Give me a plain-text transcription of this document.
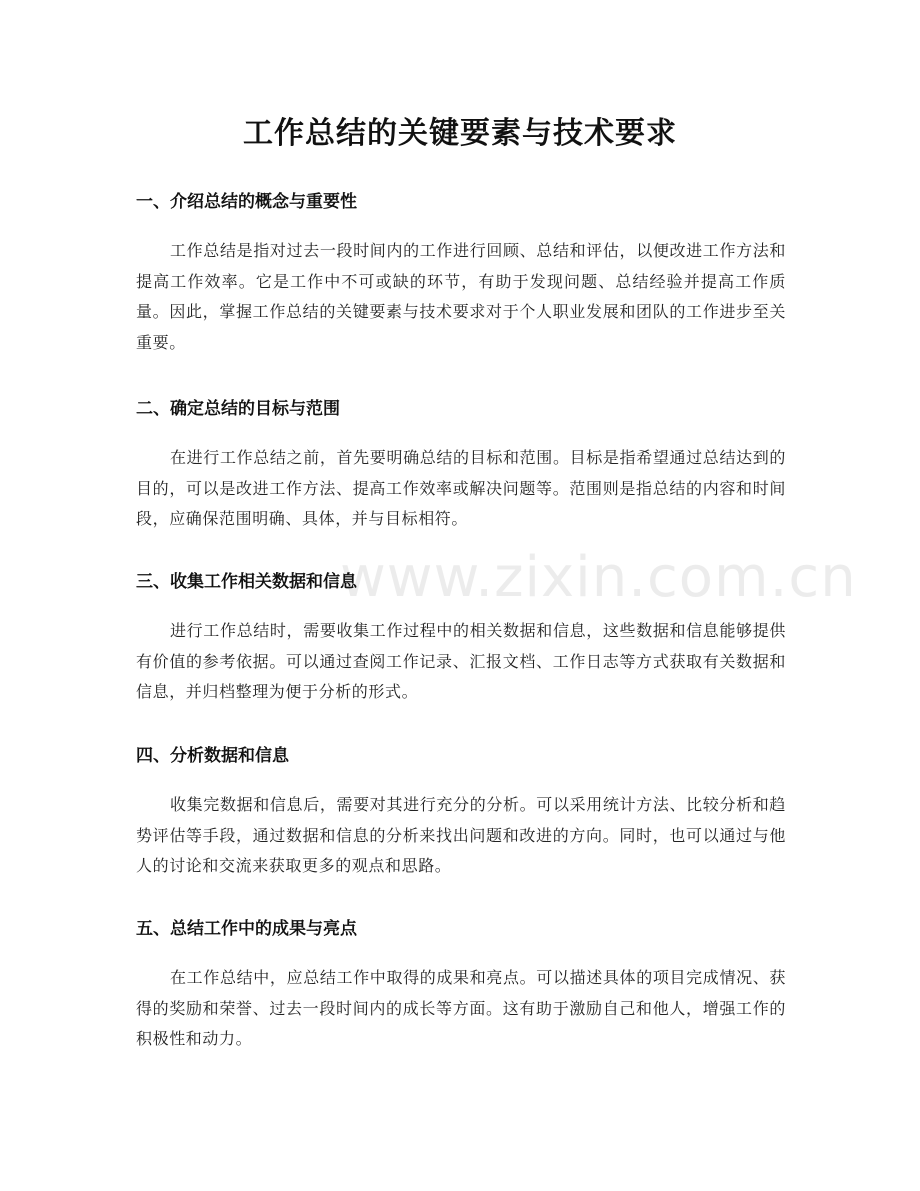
工作总结的关键要素与技术要求
www.zixin.com.cn

一、介绍总结的概念与重要性

工作总结是指对过去一段时间内的工作进行回顾、总结和评估，以便改进工作方法和提高工作效率。它是工作中不可或缺的环节，有助于发现问题、总结经验并提高工作质量。因此，掌握工作总结的关键要素与技术要求对于个人职业发展和团队的工作进步至关重要。

二、确定总结的目标与范围

在进行工作总结之前，首先要明确总结的目标和范围。目标是指希望通过总结达到的目的，可以是改进工作方法、提高工作效率或解决问题等。范围则是指总结的内容和时间段，应确保范围明确、具体，并与目标相符。

三、收集工作相关数据和信息

进行工作总结时，需要收集工作过程中的相关数据和信息，这些数据和信息能够提供有价值的参考依据。可以通过查阅工作记录、汇报文档、工作日志等方式获取有关数据和信息，并归档整理为便于分析的形式。

四、分析数据和信息

收集完数据和信息后，需要对其进行充分的分析。可以采用统计方法、比较分析和趋势评估等手段，通过数据和信息的分析来找出问题和改进的方向。同时，也可以通过与他人的讨论和交流来获取更多的观点和思路。

五、总结工作中的成果与亮点

在工作总结中，应总结工作中取得的成果和亮点。可以描述具体的项目完成情况、获得的奖励和荣誉、过去一段时间内的成长等方面。这有助于激励自己和他人，增强工作的积极性和动力。
